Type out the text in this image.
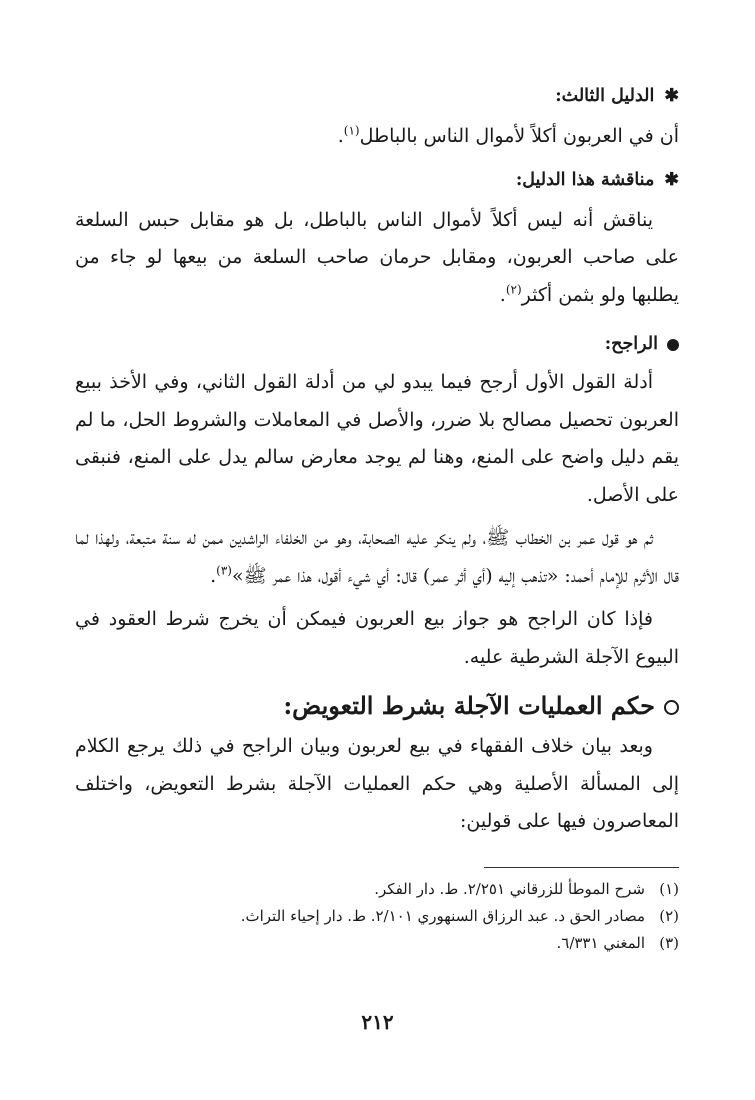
✱الدليل الثالث:

أن في العربون أكلاً لأموال الناس بالباطل$^{(١)}$.

✱مناقشة هذا الدليل:

يناقش أنه ليس أكلاً لأموال الناس بالباطل، بل هو مقابل حبس السلعة على صاحب العربون، ومقابل حرمان صاحب السلعة من بيعها لو جاء من يطلبها ولو بثمن أكثر$^{(٢)}$.

الراجح:

أدلة القول الأول أرجح فيما يبدو لي من أدلة القول الثاني، وفي الأخذ ببيع العربون تحصيل مصالح بلا ضرر، والأصل في المعاملات والشروط الحل، ما لم يقم دليل واضح على المنع، وهنا لم يوجد معارض سالم يدل على المنع، فنبقى على الأصل.

ثم هو قول عمر بن الخطاب ﷺ، ولم ينكر عليه الصحابة، وهو من الخلفاء الراشدين ممن له سنة متبعة، ولهذا لما قال الأثرم للإمام أحمد: «تذهب إليه (أي أثر عمر) قال: أي شيء أقول، هذا عمر ﷺ»$^{(٣)}$.

فإذا كان الراجح هو جواز بيع العربون فيمكن أن يخرج شرط العقود في البيوع الآجلة الشرطية عليه.

حكم العمليات الآجلة بشرط التعويض:

وبعد بيان خلاف الفقهاء في بيع لعربون وبيان الراجح في ذلك يرجع الكلام إلى المسألة الأصلية وهي حكم العمليات الآجلة بشرط التعويض، واختلف المعاصرون فيها على قولين:

(١)شرح الموطأ للزرقاني ٢/٢٥١. ط. دار الفكر.

(٢)مصادر الحق د. عبد الرزاق السنهوري ٢/١٠١. ط. دار إحياء التراث.

(٣)المغني ٦/٣٣١.

٢١٢
